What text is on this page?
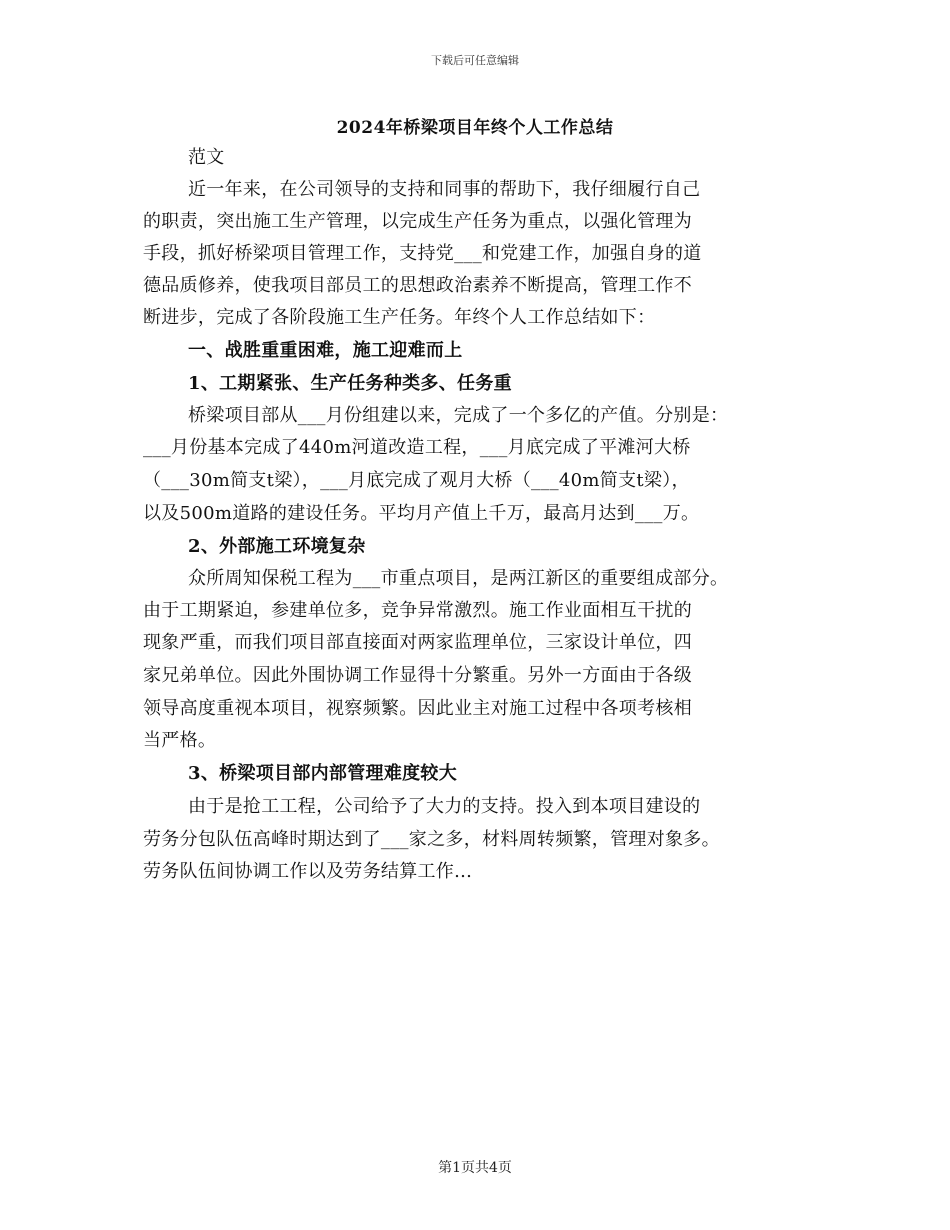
下载后可任意编辑
2024年桥梁项目年终个人工作总结
范文
近一年来，在公司领导的支持和同事的帮助下，我仔细履行自己
的职责，突出施工生产管理，以完成生产任务为重点，以强化管理为
手段，抓好桥梁项目管理工作，支持党___和党建工作，加强自身的道
德品质修养，使我项目部员工的思想政治素养不断提高，管理工作不
断进步，完成了各阶段施工生产任务。年终个人工作总结如下：
一、战胜重重困难，施工迎难而上
1、工期紧张、生产任务种类多、任务重
桥梁项目部从___月份组建以来，完成了一个多亿的产值。分别是：
___月份基本完成了440m河道改造工程，___月底完成了平滩河大桥
（___30m简支t梁），___月底完成了观月大桥（___40m简支t梁），
以及500m道路的建设任务。平均月产值上千万，最高月达到___万。
2、外部施工环境复杂
众所周知保税工程为___市重点项目，是两江新区的重要组成部分。
由于工期紧迫，参建单位多，竞争异常激烈。施工作业面相互干扰的
现象严重，而我们项目部直接面对两家监理单位，三家设计单位，四
家兄弟单位。因此外围协调工作显得十分繁重。另外一方面由于各级
领导高度重视本项目，视察频繁。因此业主对施工过程中各项考核相
当严格。
3、桥梁项目部内部管理难度较大
由于是抢工工程，公司给予了大力的支持。投入到本项目建设的
劳务分包队伍高峰时期达到了___家之多，材料周转频繁，管理对象多。
劳务队伍间协调工作以及劳务结算工作...
第1页共4页
